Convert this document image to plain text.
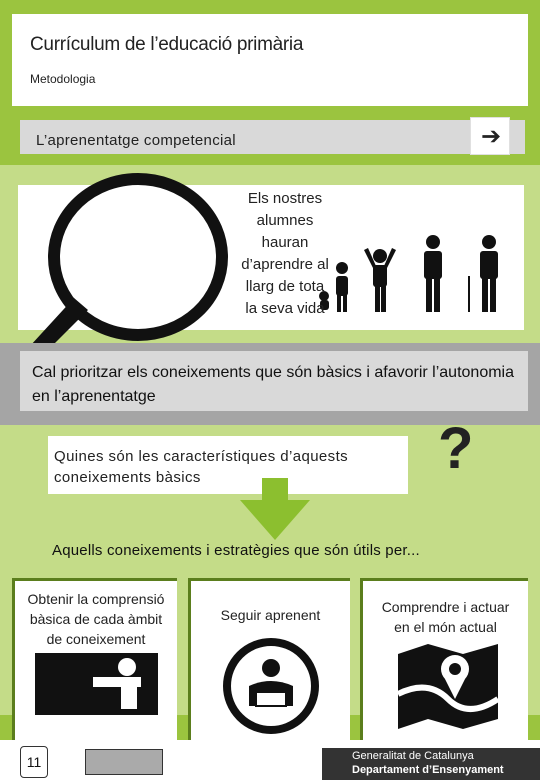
Currículum de l’educació primària
Metodologia
L’aprenentatge competencial	➔
Els nostres
alumnes
hauran
d’aprendre al
llarg de tota
la seva vida
Cal prioritzar els coneixements que són bàsics i afavorir l’autonomia en l’aprenentatge
Quines són les característiques d’aquests coneixements bàsics	?
Aquells coneixements i estratègies que són útils per...
Obtenir la comprensió bàsica de cada àmbit de coneixement
Seguir aprenent	Comprendre i actuar en el món actual
11	Generalitat de Catalunya
Departament d’Ensenyament
